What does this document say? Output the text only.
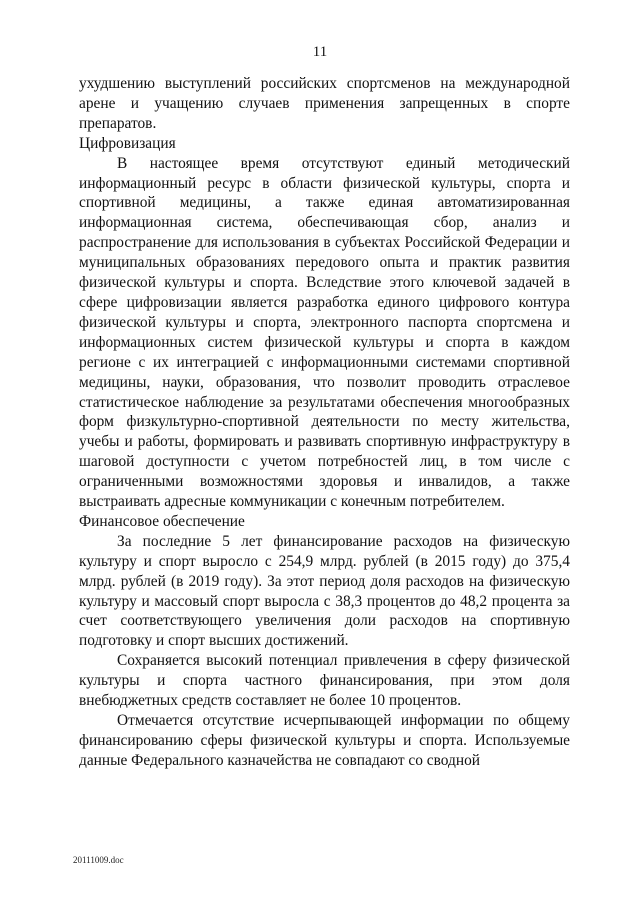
11

ухудшению выступлений российских спортсменов на международной арене и учащению случаев применения запрещенных в спорте препаратов.

Цифровизация

В настоящее время отсутствуют единый методический информационный ресурс в области физической культуры, спорта и спортивной медицины, а также единая автоматизированная информационная система, обеспечивающая сбор, анализ и распространение для использования в субъектах Российской Федерации и муниципальных образованиях передового опыта и практик развития физической культуры и спорта. Вследствие этого ключевой задачей в сфере цифровизации является разработка единого цифрового контура физической культуры и спорта, электронного паспорта спортсмена и информационных систем физической культуры и спорта в каждом регионе с их интеграцией с информационными системами спортивной медицины, науки, образования, что позволит проводить отраслевое статистическое наблюдение за результатами обеспечения многообразных форм физкультурно-спортивной деятельности по месту жительства, учебы и работы, формировать и развивать спортивную инфраструктуру в шаговой доступности с учетом потребностей лиц, в том числе с ограниченными возможностями здоровья и инвалидов, а также выстраивать адресные коммуникации с конечным потребителем.

Финансовое обеспечение

За последние 5 лет финансирование расходов на физическую культуру и спорт выросло с 254,9 млрд. рублей (в 2015 году) до 375,4 млрд. рублей (в 2019 году). За этот период доля расходов на физическую культуру и массовый спорт выросла с 38,3 процентов до 48,2 процента за счет соответствующего увеличения доли расходов на спортивную подготовку и спорт высших достижений.

Сохраняется высокий потенциал привлечения в сферу физической культуры и спорта частного финансирования, при этом доля внебюджетных средств составляет не более 10 процентов.

Отмечается отсутствие исчерпывающей информации по общему финансированию сферы физической культуры и спорта. Используемые данные Федерального казначейства не совпадают со сводной

20111009.doc
